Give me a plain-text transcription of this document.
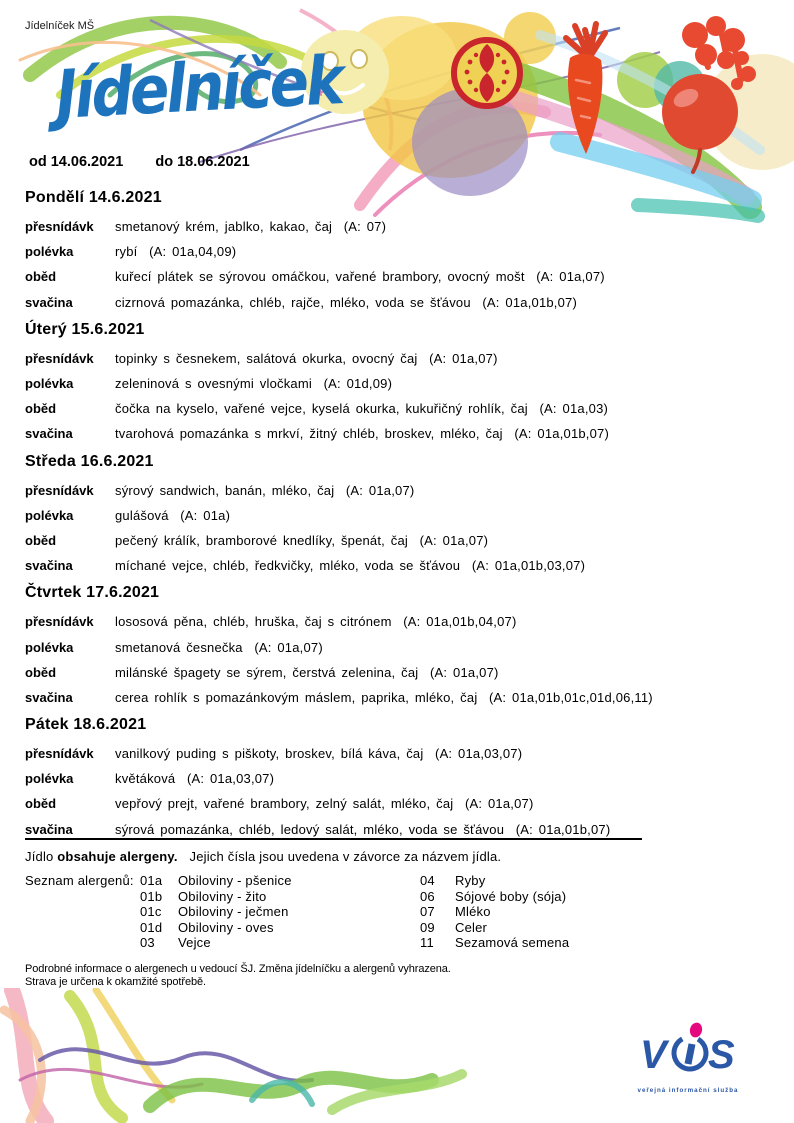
Jídelníček MŠ
Jídelníček
od 14.06.2021 do 18.06.2021
Pondělí 14.6.2021
přesnídávk	smetanový krém, jablko, kakao, čaj  (A: 07)
polévka	rybí  (A: 01a,04,09)
oběd	kuřecí plátek se sýrovou omáčkou, vařené brambory, ovocný mošt  (A: 01a,07)
svačina	cizrnová pomazánka, chléb, rajče, mléko, voda se šťávou  (A: 01a,01b,07)
Úterý 15.6.2021
přesnídávk	topinky s česnekem, salátová okurka, ovocný čaj  (A: 01a,07)
polévka	zeleninová s ovesnými vločkami  (A: 01d,09)
oběd	čočka na kyselo, vařené vejce, kyselá okurka, kukuřičný rohlík, čaj  (A: 01a,03)
svačina	tvarohová pomazánka s mrkví, žitný chléb, broskev, mléko, čaj  (A: 01a,01b,07)
Středa 16.6.2021
přesnídávk	sýrový sandwich, banán, mléko, čaj  (A: 01a,07)
polévka	gulášová  (A: 01a)
oběd	pečený králík, bramborové knedlíky, špenát, čaj  (A: 01a,07)
svačina	míchané vejce, chléb, ředkvičky, mléko, voda se šťávou  (A: 01a,01b,03,07)
Čtvrtek 17.6.2021
přesnídávk	lososová pěna, chléb, hruška, čaj s citrónem  (A: 01a,01b,04,07)
polévka	smetanová česnečka  (A: 01a,07)
oběd	milánské špagety se sýrem, čerstvá zelenina, čaj  (A: 01a,07)
svačina	cerea rohlík s pomazánkovým máslem, paprika, mléko, čaj  (A: 01a,01b,01c,01d,06,11)
Pátek 18.6.2021
přesnídávk	vanilkový puding s piškoty, broskev, bílá káva, čaj  (A: 01a,03,07)
polévka	květáková  (A: 01a,03,07)
oběd	vepřový prejt, vařené brambory, zelný salát, mléko, čaj  (A: 01a,07)
svačina	sýrová pomazánka, chléb, ledový salát, mléko, voda se šťávou  (A: 01a,01b,07)
Jídlo obsahuje alergeny. Jejich čísla jsou uvedena v závorce za názvem jídla.
Seznam alergenů: 01a	Obiloviny - pšenice	04	Ryby
01b	Obiloviny - žito	06	Sójové boby (sója)
01c	Obiloviny - ječmen	07	Mléko
01d	Obiloviny - oves	09	Celer
03	Vejce	11	Sezamová semena
Podrobné informace o alergenech u vedoucí ŠJ. Změna jídelníčku a alergenů vyhrazena.
Strava je určena k okamžité spotřebě.
V S
veřejná informační služba
